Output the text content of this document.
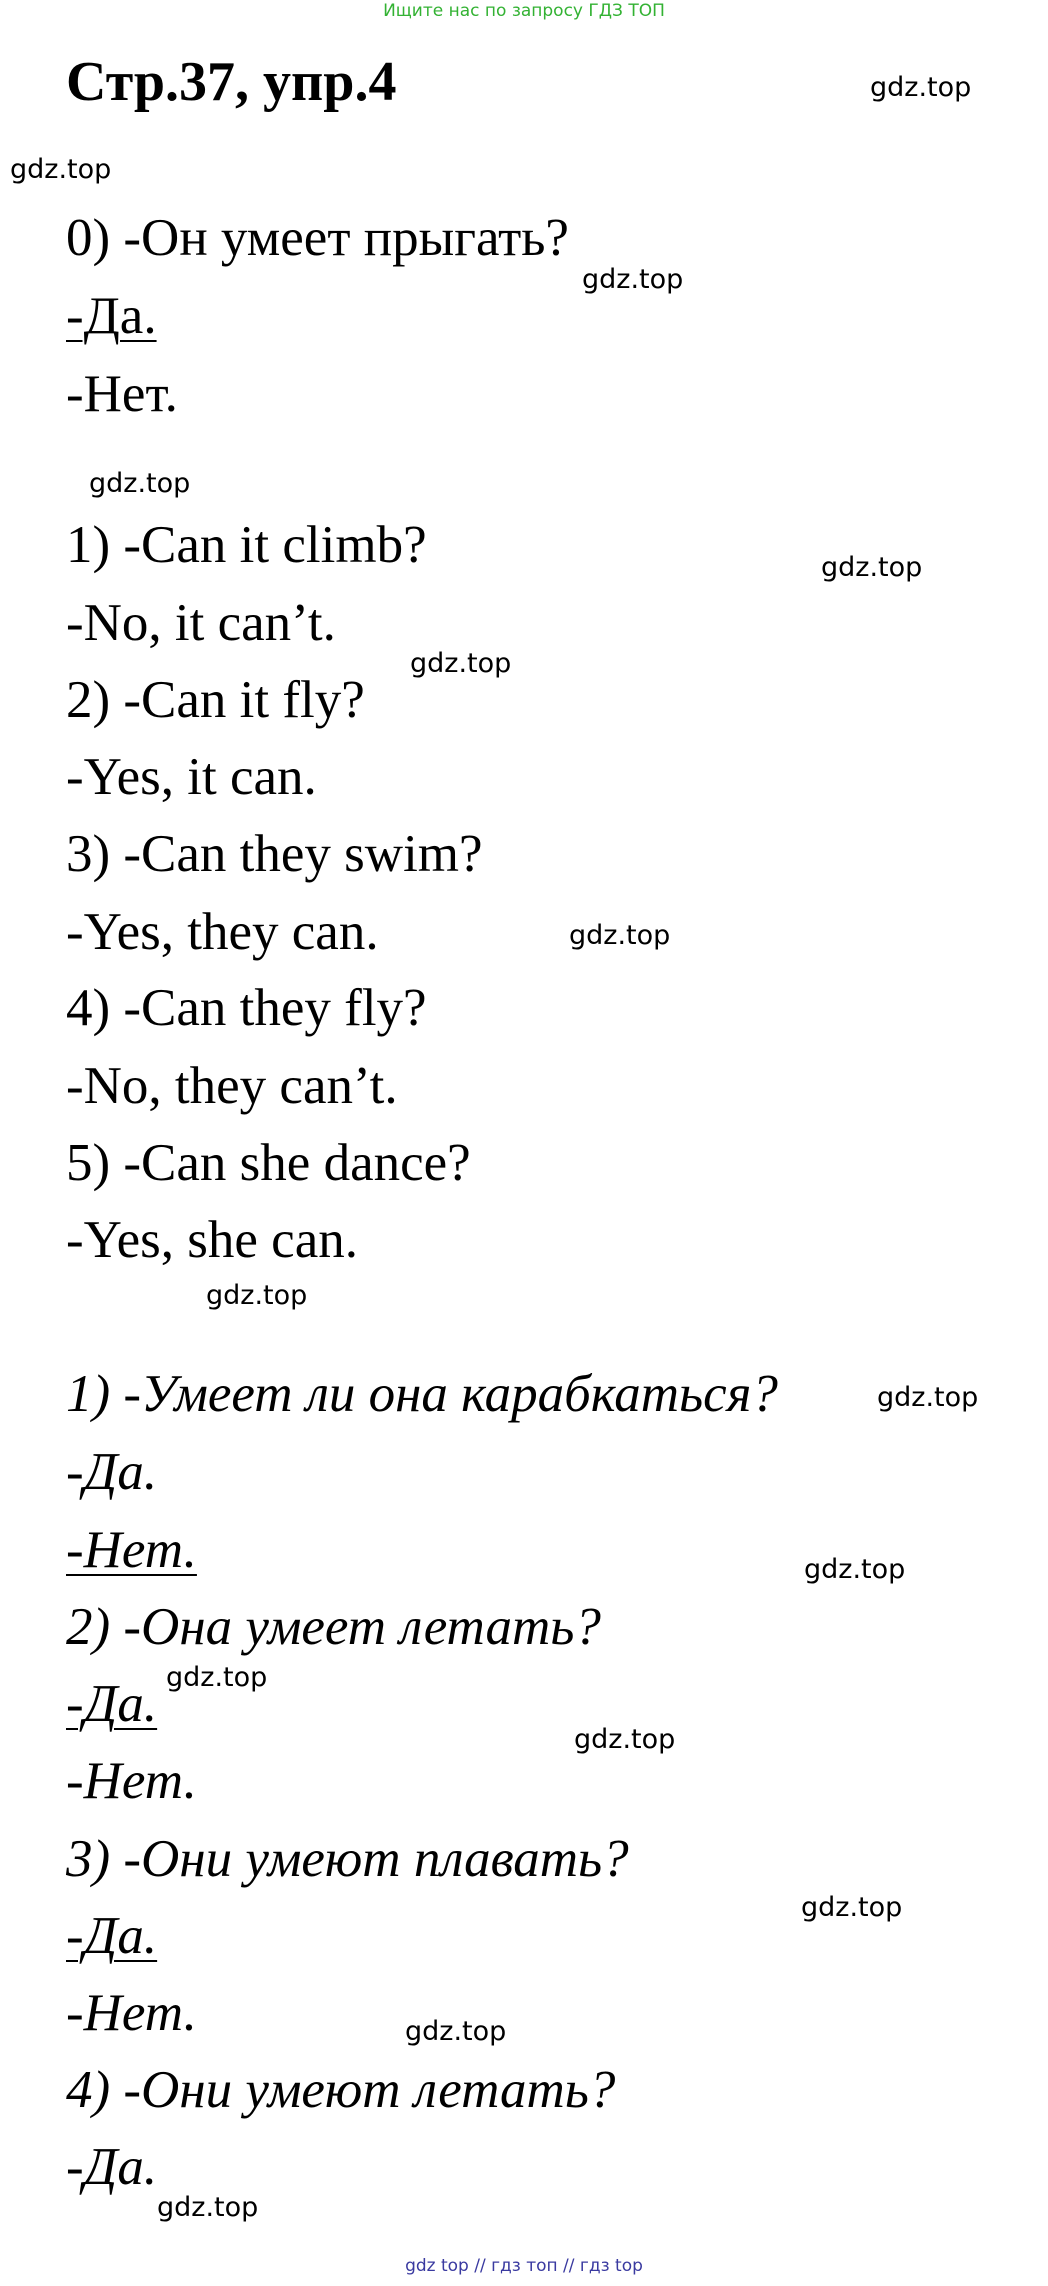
Ищите нас по запросу ГДЗ ТОП
Стр.37, упр.4
0) -Он умеет прыгать?
-Да.
-Нет.
1) -Can it climb?
-No, it can’t.
2) -Can it fly?
-Yes, it can.
3) -Can they swim?
-Yes, they can.
4) -Can they fly?
-No, they can’t.
5) -Can she dance?
-Yes, she can.
1) -Умеет ли она карабкаться?
-Да.
-Нет.
2) -Она умеет летать?
-Да.
-Нет.
3) -Они умеют плавать?
-Да.
-Нет.
4) -Они умеют летать?
-Да.
gdz.top
gdz.top
gdz.top
gdz.top
gdz.top
gdz.top
gdz.top
gdz.top
gdz.top
gdz.top
gdz.top
gdz.top
gdz.top
gdz.top
gdz.top
gdz top // гдз топ // гдз top
